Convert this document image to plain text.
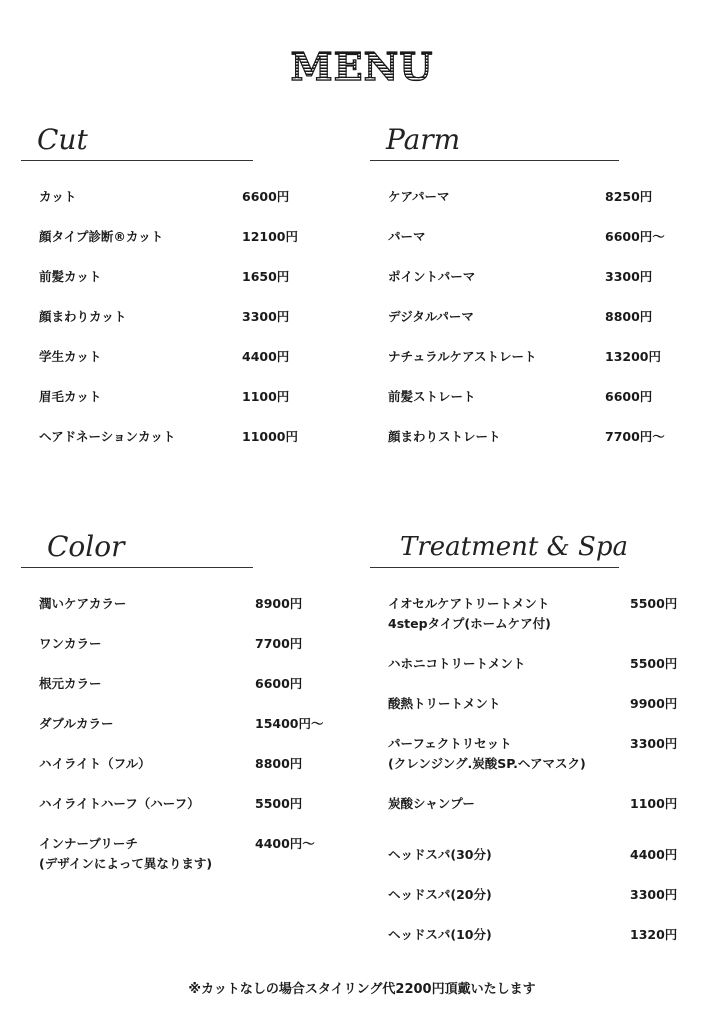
MENU
Cut
カット	6600円
顔タイプ診断®カット	12100円
前髪カット	1650円
顔まわりカット	3300円
学生カット	4400円
眉毛カット	1100円
ヘアドネーションカット	11000円
Parm
ケアパーマ	8250円
パーマ	6600円〜
ポイントパーマ	3300円
デジタルパーマ	8800円
ナチュラルケアストレート	13200円
前髪ストレート	6600円
顔まわりストレート	7700円〜
Color
潤いケアカラー	8900円
ワンカラー	7700円
根元カラー	6600円
ダブルカラー	15400円〜
ハイライト（フル）	8800円
ハイライトハーフ（ハーフ）	5500円
インナーブリーチ
(デザインによって異なります)
4400円〜
Treatment & Spa
イオセルケアトリートメント
4stepタイプ(ホームケア付)
5500円
ハホニコトリートメント	5500円
酸熱トリートメント	9900円
パーフェクトリセット
(クレンジング.炭酸SP.ヘアマスク)
3300円
炭酸シャンプー	1100円
ヘッドスパ(30分)	4400円
ヘッドスパ(20分)	3300円
ヘッドスパ(10分)	1320円
※カットなしの場合スタイリング代2200円頂戴いたします
